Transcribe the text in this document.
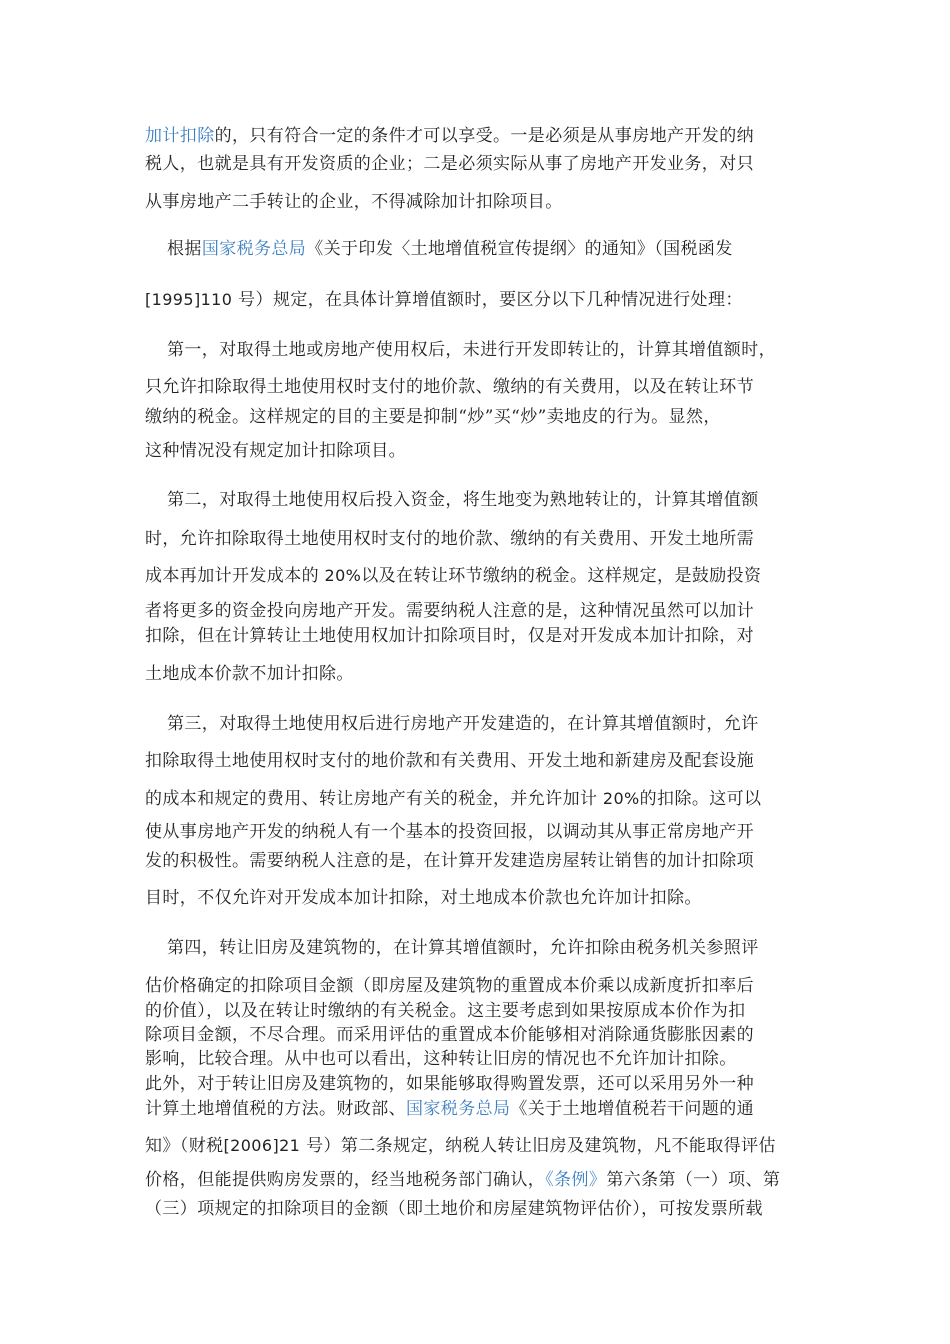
加计扣除的，只有符合一定的条件才可以享受。一是必须是从事房地产开发的纳
税人，也就是具有开发资质的企业；二是必须实际从事了房地产开发业务，对只
从事房地产二手转让的企业，不得减除加计扣除项目。
根据国家税务总局《关于印发〈土地增值税宣传提纲〉的通知》（国税函发
[1995]110 号）规定，在具体计算增值额时，要区分以下几种情况进行处理：
第一，对取得土地或房地产使用权后，未进行开发即转让的，计算其增值额时，
只允许扣除取得土地使用权时支付的地价款、缴纳的有关费用，以及在转让环节
缴纳的税金。这样规定的目的主要是抑制“炒”买“炒”卖地皮的行为。显然，
这种情况没有规定加计扣除项目。
第二，对取得土地使用权后投入资金，将生地变为熟地转让的，计算其增值额
时，允许扣除取得土地使用权时支付的地价款、缴纳的有关费用、开发土地所需
成本再加计开发成本的 20%以及在转让环节缴纳的税金。这样规定，是鼓励投资
者将更多的资金投向房地产开发。需要纳税人注意的是，这种情况虽然可以加计
扣除，但在计算转让土地使用权加计扣除项目时，仅是对开发成本加计扣除，对
土地成本价款不加计扣除。
第三，对取得土地使用权后进行房地产开发建造的，在计算其增值额时，允许
扣除取得土地使用权时支付的地价款和有关费用、开发土地和新建房及配套设施
的成本和规定的费用、转让房地产有关的税金，并允许加计 20%的扣除。这可以
使从事房地产开发的纳税人有一个基本的投资回报，以调动其从事正常房地产开
发的积极性。需要纳税人注意的是，在计算开发建造房屋转让销售的加计扣除项
目时，不仅允许对开发成本加计扣除，对土地成本价款也允许加计扣除。
第四，转让旧房及建筑物的，在计算其增值额时，允许扣除由税务机关参照评
估价格确定的扣除项目金额（即房屋及建筑物的重置成本价乘以成新度折扣率后
的价值），以及在转让时缴纳的有关税金。这主要考虑到如果按原成本价作为扣
除项目金额，不尽合理。而采用评估的重置成本价能够相对消除通货膨胀因素的
影响，比较合理。从中也可以看出，这种转让旧房的情况也不允许加计扣除。
此外，对于转让旧房及建筑物的，如果能够取得购置发票，还可以采用另外一种
计算土地增值税的方法。财政部、国家税务总局《关于土地增值税若干问题的通
知》（财税[2006]21 号）第二条规定，纳税人转让旧房及建筑物，凡不能取得评估
价格，但能提供购房发票的，经当地税务部门确认，《条例》第六条第（一）项、第
（三）项规定的扣除项目的金额（即土地价和房屋建筑物评估价），可按发票所载
